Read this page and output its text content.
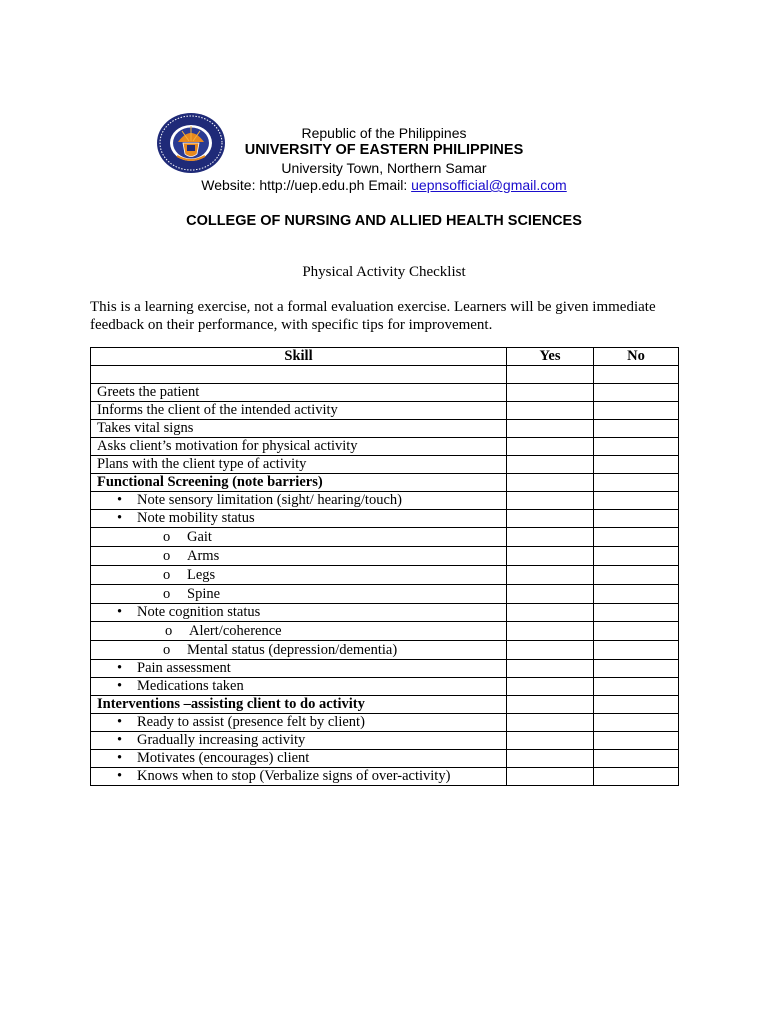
Republic of the Philippines
UNIVERSITY OF EASTERN PHILIPPINES
University Town, Northern Samar
Website: http://uep.edu.ph Email: uepnsofficial@gmail.com
COLLEGE OF NURSING AND ALLIED HEALTH SCIENCES
Physical Activity Checklist
This is a learning exercise, not a formal evaluation exercise. Learners will be given immediate feedback on their performance, with specific tips for improvement.
Skill	Yes	No

Greets the patient		
Informs the client of the intended activity		
Takes vital signs		
Asks client’s motivation for physical activity		
Plans with the client type of activity		
Functional Screening (note barriers)		
• Note sensory limitation (sight/ hearing/touch)		
• Note mobility status		
o Gait		
o Arms		
o Legs		
o Spine		
• Note cognition status		
o Alert/coherence		
o Mental status (depression/dementia)		
• Pain assessment		
• Medications taken		
Interventions –assisting client to do activity		
• Ready to assist (presence felt by client)		
• Gradually increasing activity		
• Motivates (encourages) client		
• Knows when to stop (Verbalize signs of over-activity)		
